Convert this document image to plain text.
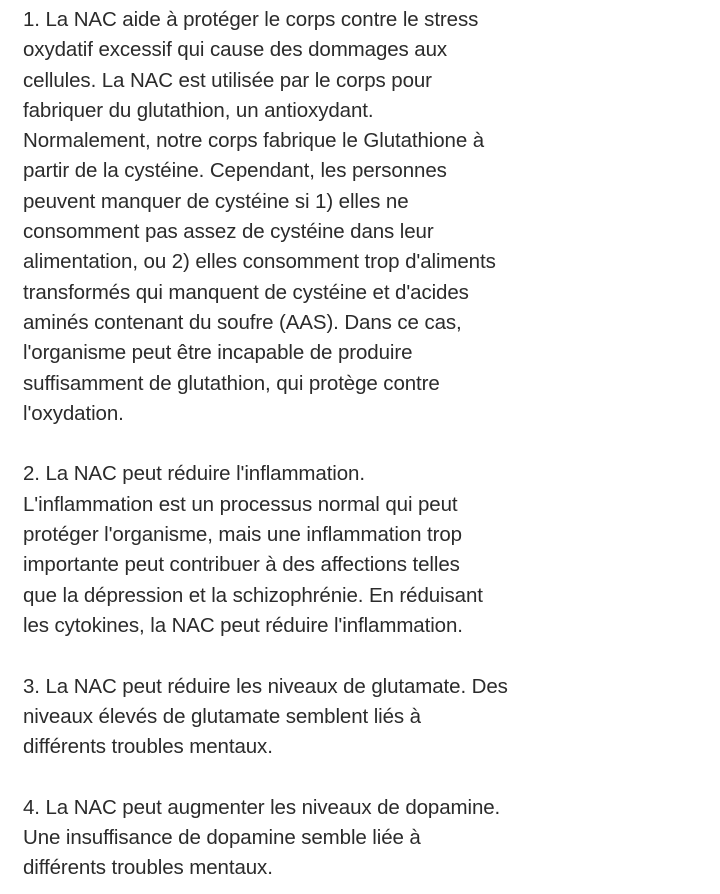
1. La NAC aide à protéger le corps contre le stress
oxydatif excessif qui cause des dommages aux
cellules. La NAC est utilisée par le corps pour
fabriquer du glutathion, un antioxydant.
Normalement, notre corps fabrique le Glutathione à
partir de la cystéine. Cependant, les personnes
peuvent manquer de cystéine si 1) elles ne
consomment pas assez de cystéine dans leur
alimentation, ou 2) elles consomment trop d'aliments
transformés qui manquent de cystéine et d'acides
aminés contenant du soufre (AAS). Dans ce cas,
l'organisme peut être incapable de produire
suffisamment de glutathion, qui protège contre
l'oxydation.
2. La NAC peut réduire l'inflammation.
L'inflammation est un processus normal qui peut
protéger l'organisme, mais une inflammation trop
importante peut contribuer à des affections telles
que la dépression et la schizophrénie. En réduisant
les cytokines, la NAC peut réduire l'inflammation.
3. La NAC peut réduire les niveaux de glutamate. Des
niveaux élevés de glutamate semblent liés à
différents troubles mentaux.
4. La NAC peut augmenter les niveaux de dopamine.
Une insuffisance de dopamine semble liée à
différents troubles mentaux.
